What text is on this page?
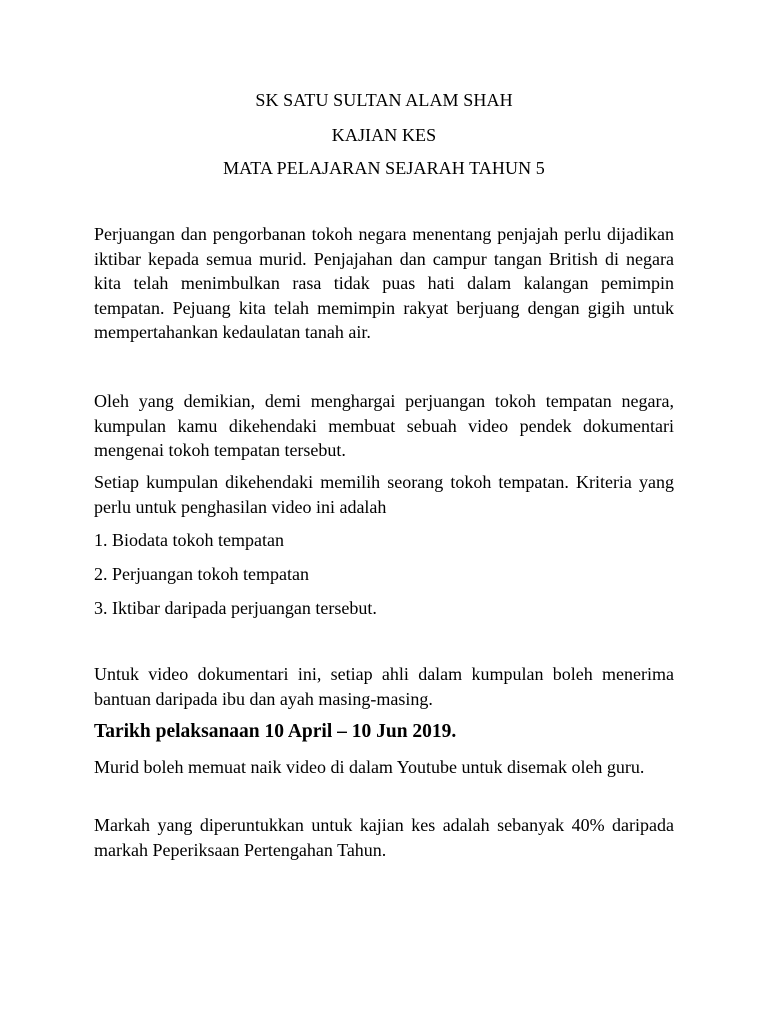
SK SATU SULTAN ALAM SHAH
KAJIAN KES
MATA PELAJARAN SEJARAH TAHUN 5

Perjuangan dan pengorbanan tokoh negara menentang penjajah perlu dijadikan iktibar kepada semua murid. Penjajahan dan campur tangan British di negara kita telah menimbulkan rasa tidak puas hati dalam kalangan pemimpin tempatan. Pejuang kita telah memimpin rakyat berjuang dengan gigih untuk mempertahankan kedaulatan tanah air.

Oleh yang demikian, demi menghargai perjuangan tokoh tempatan negara, kumpulan kamu dikehendaki membuat sebuah video pendek dokumentari mengenai tokoh tempatan tersebut.

Setiap kumpulan dikehendaki memilih seorang tokoh tempatan. Kriteria yang perlu untuk penghasilan video ini adalah

1. Biodata tokoh tempatan

2. Perjuangan tokoh tempatan

3. Iktibar daripada perjuangan tersebut.

Untuk video dokumentari ini, setiap ahli dalam kumpulan boleh menerima bantuan daripada ibu dan ayah masing-masing.

Tarikh pelaksanaan 10 April – 10 Jun 2019.

Murid boleh memuat naik video di dalam Youtube untuk disemak oleh guru.

Markah yang diperuntukkan untuk kajian kes adalah sebanyak 40% daripada markah Peperiksaan Pertengahan Tahun.
